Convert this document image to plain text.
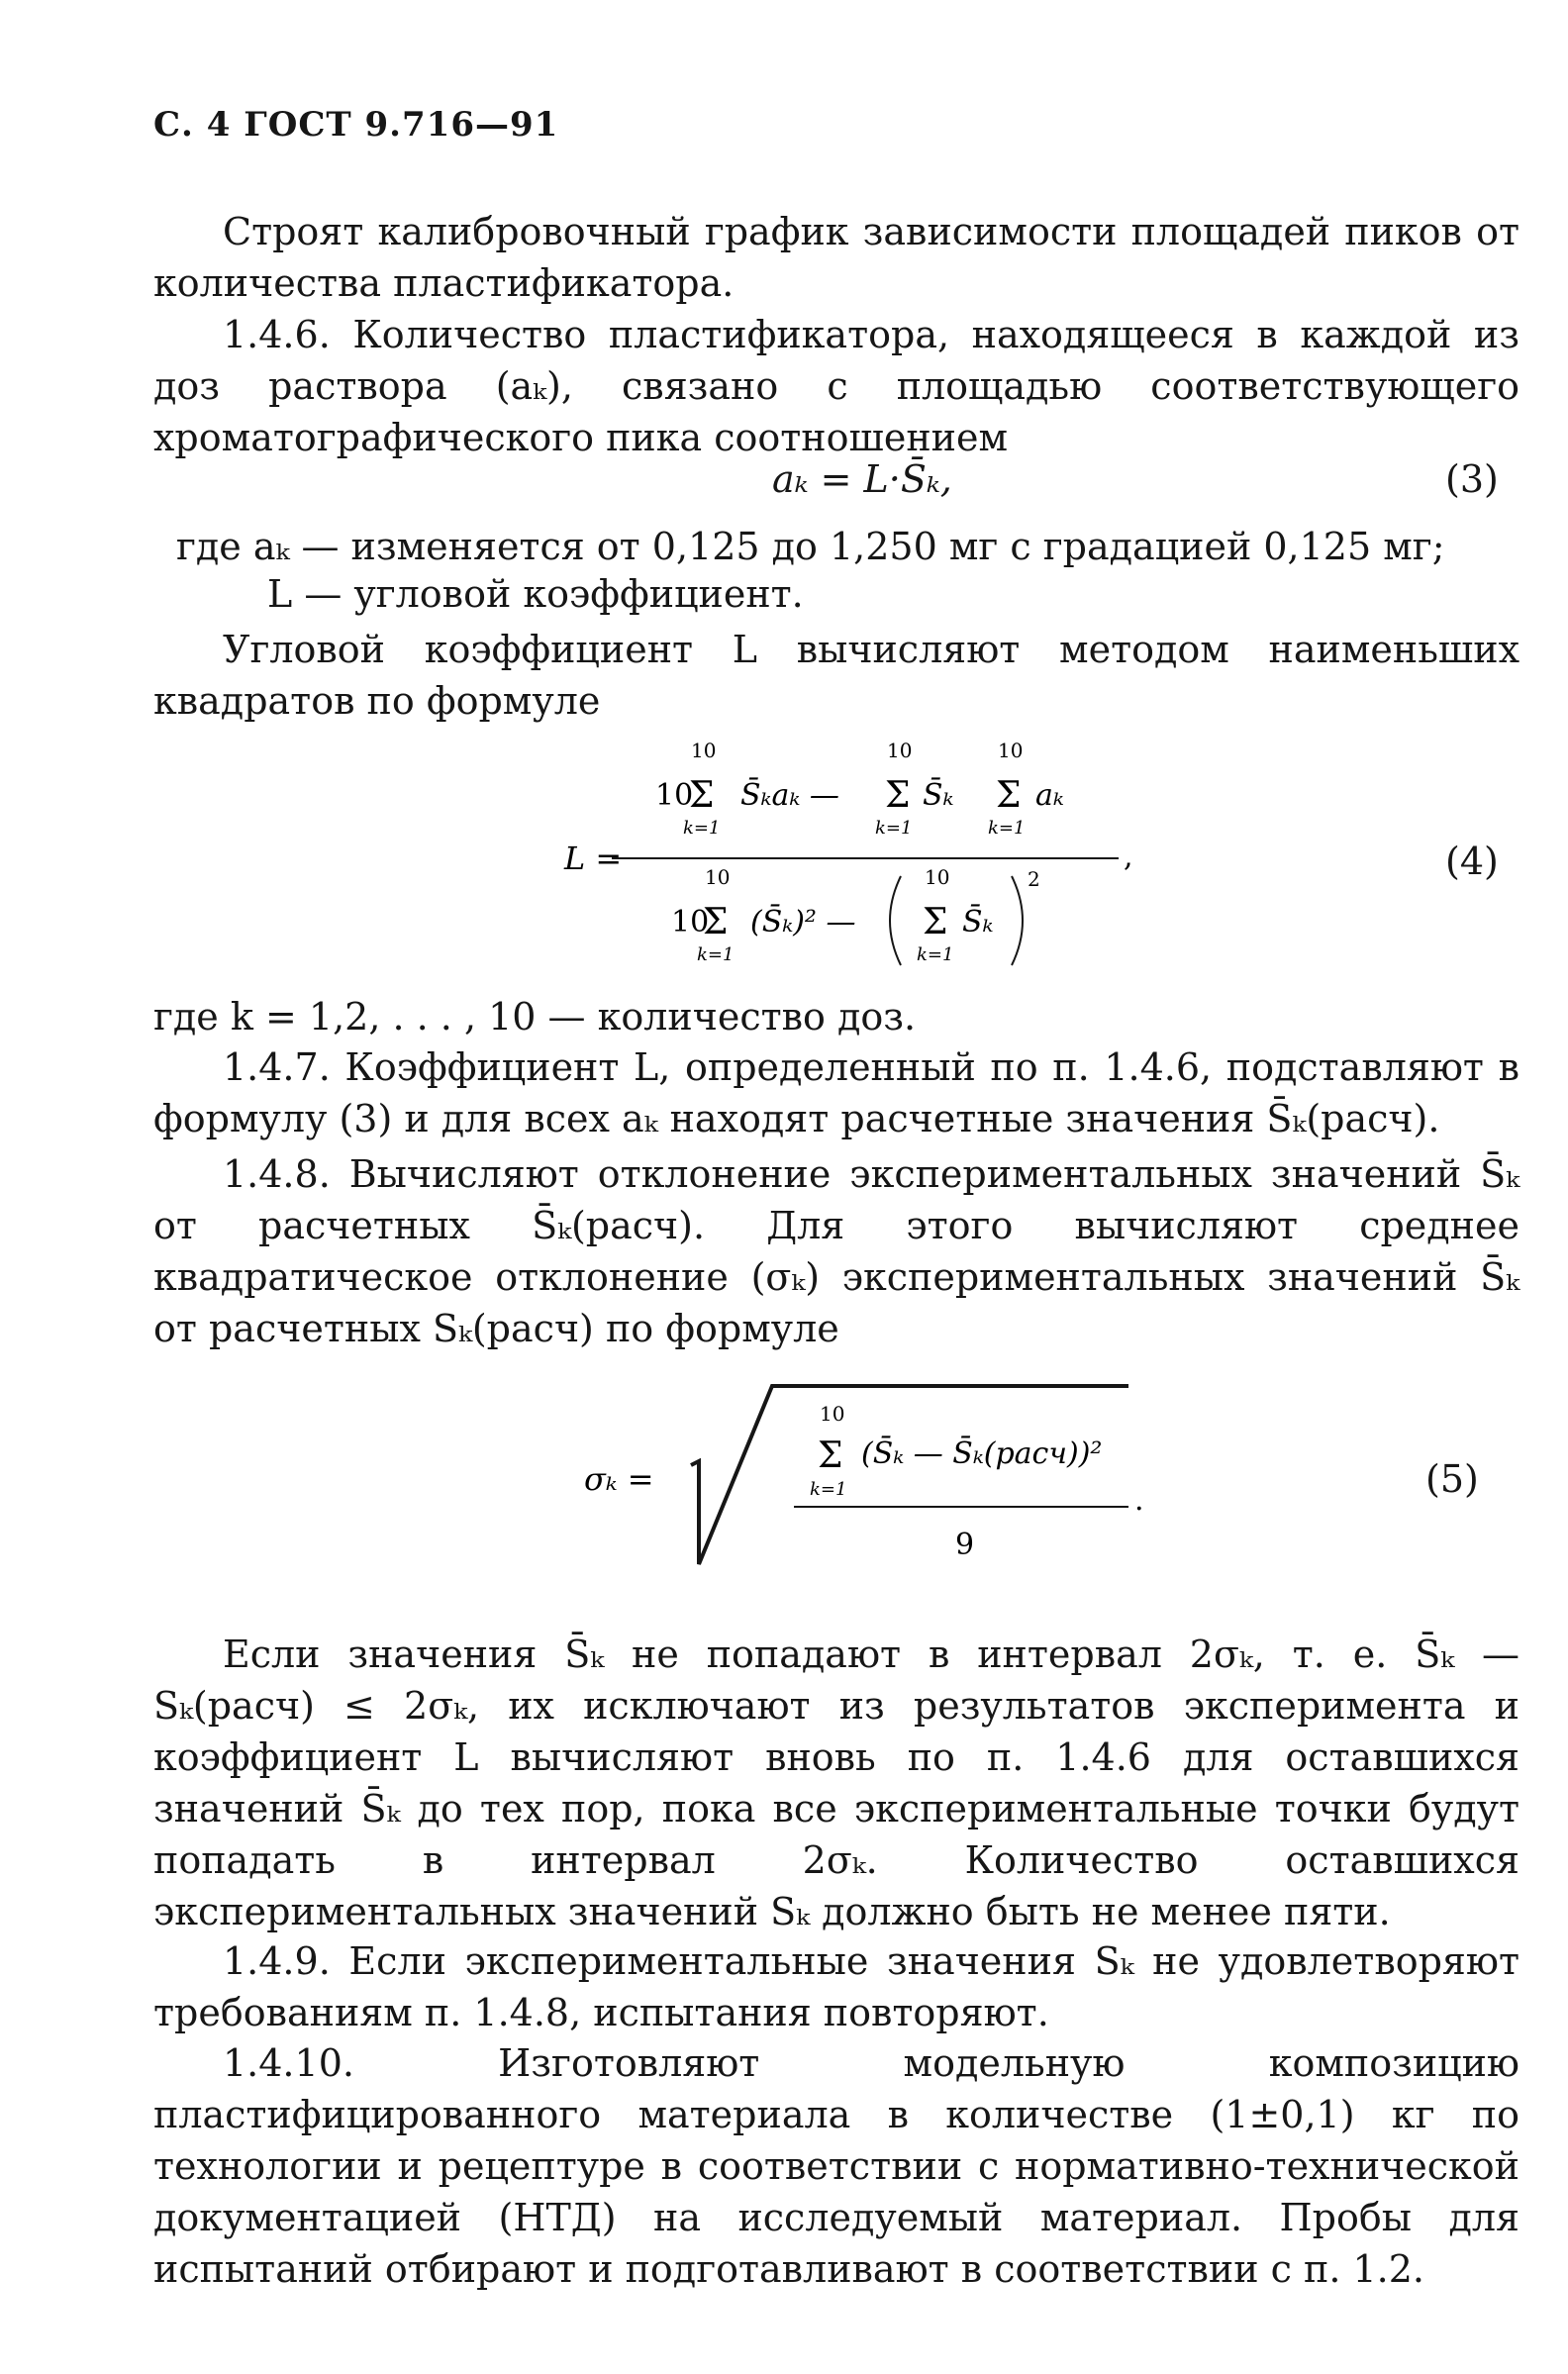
С. 4 ГОСТ 9.716—91
Строят калибровочный график зависимости площадей пиков от количества пластификатора.
1.4.6. Количество пластификатора, находящееся в каждой из доз раствора (aₖ), связано с площадью соответствующего хроматографического пика соотношением
aₖ = L·S̄ₖ,	(3)
где aₖ — изменяется от 0,125 до 1,250 мг с градацией 0,125 мг;
L — угловой коэффициент.
Угловой коэффициент L вычисляют методом наименьших квадратов по формуле
L =
10
10
Σ
k=1
S̄ₖaₖ —
10
Σ
k=1
S̄ₖ
10
Σ
k=1
aₖ
,
10
10
Σ
k=1
(S̄ₖ)² —
10
Σ
k=1
S̄ₖ
2	(4)
где k = 1,2, . . . , 10 — количество доз.
1.4.7. Коэффициент L, определенный по п. 1.4.6, подставляют в формулу (3) и для всех aₖ находят расчетные значения S̄ₖ(расч).
1.4.8. Вычисляют отклонение экспериментальных значений S̄ₖ от расчетных S̄ₖ(расч). Для этого вычисляют среднее квадратическое отклонение (σₖ) экспериментальных значений S̄ₖ от расчетных Sₖ(расч) по формуле
σₖ =
10
Σ
k=1
(S̄ₖ — S̄ₖ(расч))²
9
.	(5)
Если значения S̄ₖ не попадают в интервал 2σₖ, т. е. S̄ₖ — Sₖ(расч) ≤ 2σₖ, их исключают из результатов эксперимента и коэффициент L вычисляют вновь по п. 1.4.6 для оставшихся значений S̄ₖ до тех пор, пока все экспериментальные точки будут попадать в интервал 2σₖ. Количество оставшихся экспериментальных значений Sₖ должно быть не менее пяти.
1.4.9. Если экспериментальные значения Sₖ не удовлетворяют требованиям п. 1.4.8, испытания повторяют.
1.4.10. Изготовляют модельную композицию пластифицированного материала в количестве (1±0,1) кг по технологии и рецептуре в соответствии с нормативно-технической документацией (НТД) на исследуемый материал. Пробы для испытаний отбирают и подготавливают в соответствии с п. 1.2.
